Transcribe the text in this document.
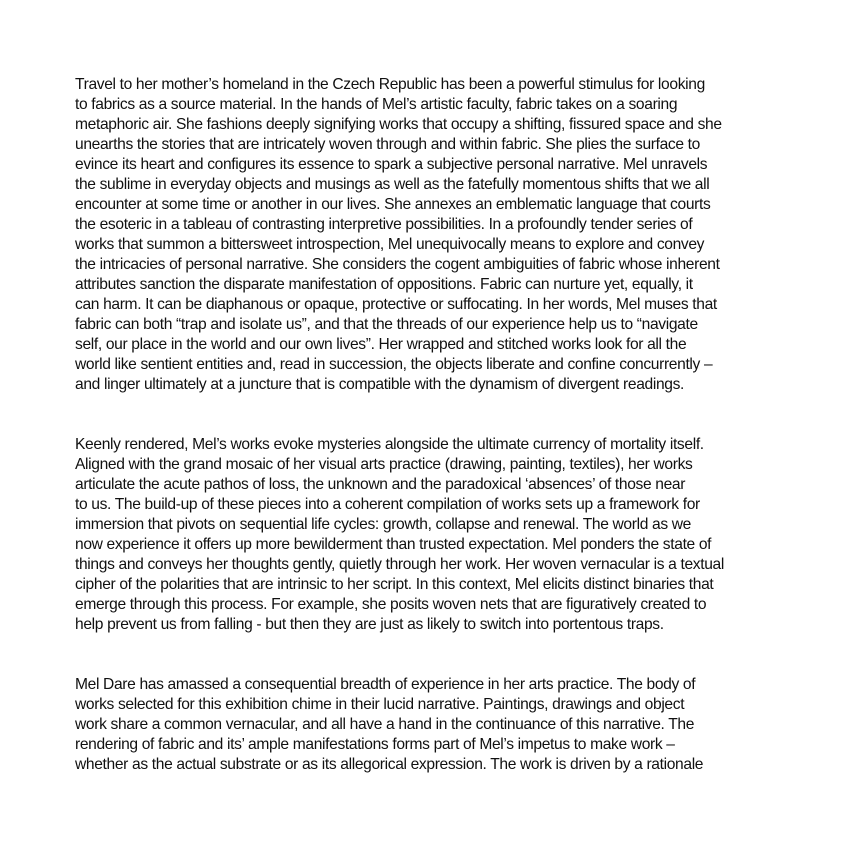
Travel to her mother’s homeland in the Czech Republic has been a powerful stimulus for looking
to fabrics as a source material. In the hands of Mel’s artistic faculty, fabric takes on a soaring
metaphoric air. She fashions deeply signifying works that occupy a shifting, fissured space and she
unearths the stories that are intricately woven through and within fabric. She plies the surface to
evince its heart and configures its essence to spark a subjective personal narrative. Mel unravels
the sublime in everyday objects and musings as well as the fatefully momentous shifts that we all
encounter at some time or another in our lives. She annexes an emblematic language that courts
the esoteric in a tableau of contrasting interpretive possibilities. In a profoundly tender series of
works that summon a bittersweet introspection, Mel unequivocally means to explore and convey
the intricacies of personal narrative. She considers the cogent ambiguities of fabric whose inherent
attributes sanction the disparate manifestation of oppositions. Fabric can nurture yet, equally, it
can harm. It can be diaphanous or opaque, protective or suffocating. In her words, Mel muses that
fabric can both “trap and isolate us”, and that the threads of our experience help us to “navigate
self, our place in the world and our own lives”. Her wrapped and stitched works look for all the
world like sentient entities and, read in succession, the objects liberate and confine concurrently –
and linger ultimately at a juncture that is compatible with the dynamism of divergent readings.

Keenly rendered, Mel’s works evoke mysteries alongside the ultimate currency of mortality itself.
Aligned with the grand mosaic of her visual arts practice (drawing, painting, textiles), her works
articulate the acute pathos of loss, the unknown and the paradoxical ‘absences’ of those near
to us. The build-up of these pieces into a coherent compilation of works sets up a framework for
immersion that pivots on sequential life cycles: growth, collapse and renewal. The world as we
now experience it offers up more bewilderment than trusted expectation. Mel ponders the state of
things and conveys her thoughts gently, quietly through her work. Her woven vernacular is a textual
cipher of the polarities that are intrinsic to her script. In this context, Mel elicits distinct binaries that
emerge through this process. For example, she posits woven nets that are figuratively created to
help prevent us from falling - but then they are just as likely to switch into portentous traps.

Mel Dare has amassed a consequential breadth of experience in her arts practice. The body of
works selected for this exhibition chime in their lucid narrative. Paintings, drawings and object
work share a common vernacular, and all have a hand in the continuance of this narrative. The
rendering of fabric and its’ ample manifestations forms part of Mel’s impetus to make work –
whether as the actual substrate or as its allegorical expression. The work is driven by a rationale
